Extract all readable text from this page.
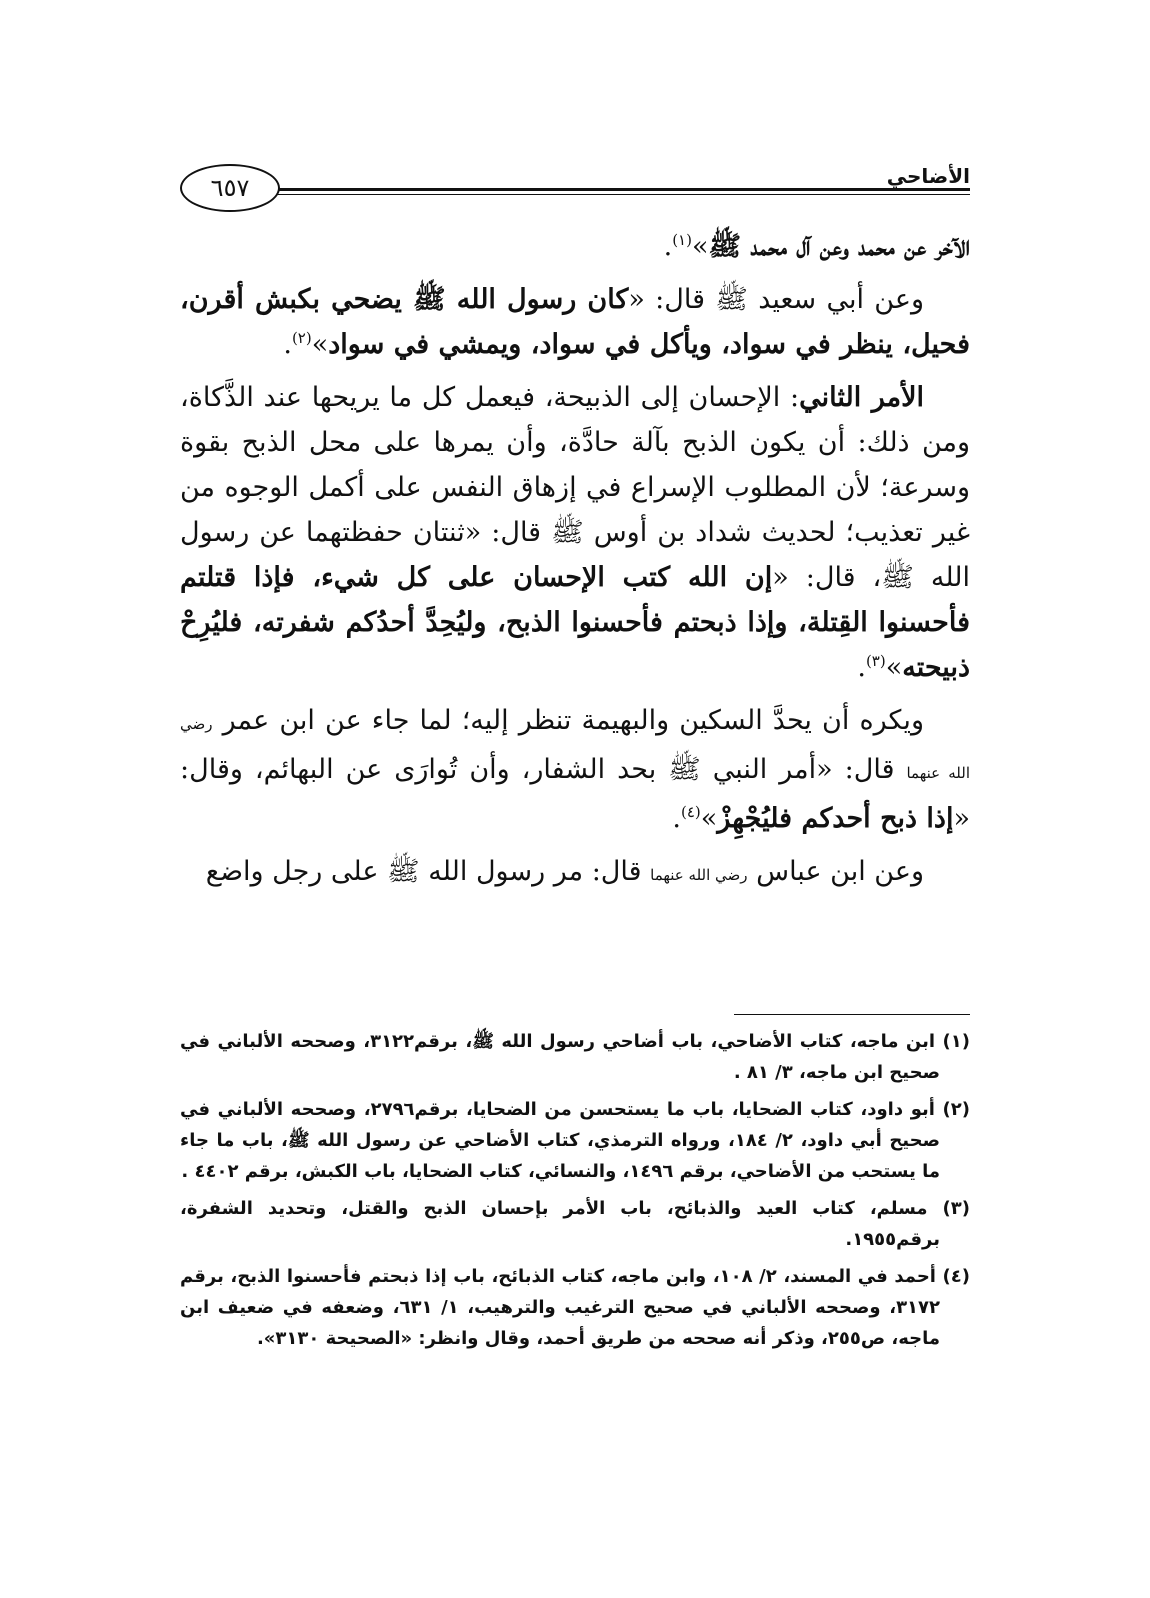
الأضاحي
٦٥٧

الآخر عن محمد وعن آل محمد ﷺ»$^{(١)}$.

وعن أبي سعيد ﷺ قال: «كان رسول الله ﷺ يضحي بكبش أقرن، فحيل، ينظر في سواد، ويأكل في سواد، ويمشي في سواد»$^{(٢)}$.

الأمر الثاني: الإحسان إلى الذبيحة، فيعمل كل ما يريحها عند الذَّكاة، ومن ذلك: أن يكون الذبح بآلة حادَّة، وأن يمرها على محل الذبح بقوة وسرعة؛ لأن المطلوب الإسراع في إزهاق النفس على أكمل الوجوه من غير تعذيب؛ لحديث شداد بن أوس ﷺ قال: «ثنتان حفظتهما عن رسول الله ﷺ، قال: «إن الله كتب الإحسان على كل شيء، فإذا قتلتم فأحسنوا القِتلة، وإذا ذبحتم فأحسنوا الذبح، وليُحِدَّ أحدُكم شفرته، فليُرِحْ ذبيحته»$^{(٣)}$.

ويكره أن يحدَّ السكين والبهيمة تنظر إليه؛ لما جاء عن ابن عمر رضي الله عنهما قال: «أمر النبي ﷺ بحد الشفار، وأن تُوارَى عن البهائم، وقال: «إذا ذبح أحدكم فليُجْهِزْ»$^{(٤)}$.

وعن ابن عباس رضي الله عنهما قال: مر رسول الله ﷺ على رجل واضع

(١) ابن ماجه، كتاب الأضاحي، باب أضاحي رسول الله ﷺ، برقم٣١٢٢، وصححه الألباني في صحيح ابن ماجه، ٣/ ٨١ .

(٢) أبو داود، كتاب الضحايا، باب ما يستحسن من الضحايا، برقم٢٧٩٦، وصححه الألباني في صحيح أبي داود، ٢/ ١٨٤، ورواه الترمذي، كتاب الأضاحي عن رسول الله ﷺ، باب ما جاء ما يستحب من الأضاحي، برقم ١٤٩٦، والنسائي، كتاب الضحايا، باب الكبش، برقم ٤٤٠٢ .

(٣) مسلم، كتاب العيد والذبائح، باب الأمر بإحسان الذبح والقتل، وتحديد الشفرة، برقم١٩٥٥.

(٤) أحمد في المسند، ٢/ ١٠٨، وابن ماجه، كتاب الذبائح، باب إذا ذبحتم فأحسنوا الذبح، برقم ٣١٧٢، وصححه الألباني في صحيح الترغيب والترهيب، ١/ ٦٣١، وضعفه في ضعيف ابن ماجه، ص٢٥٥، وذكر أنه صححه من طريق أحمد، وقال وانظر: «الصحيحة ٣١٣٠».
